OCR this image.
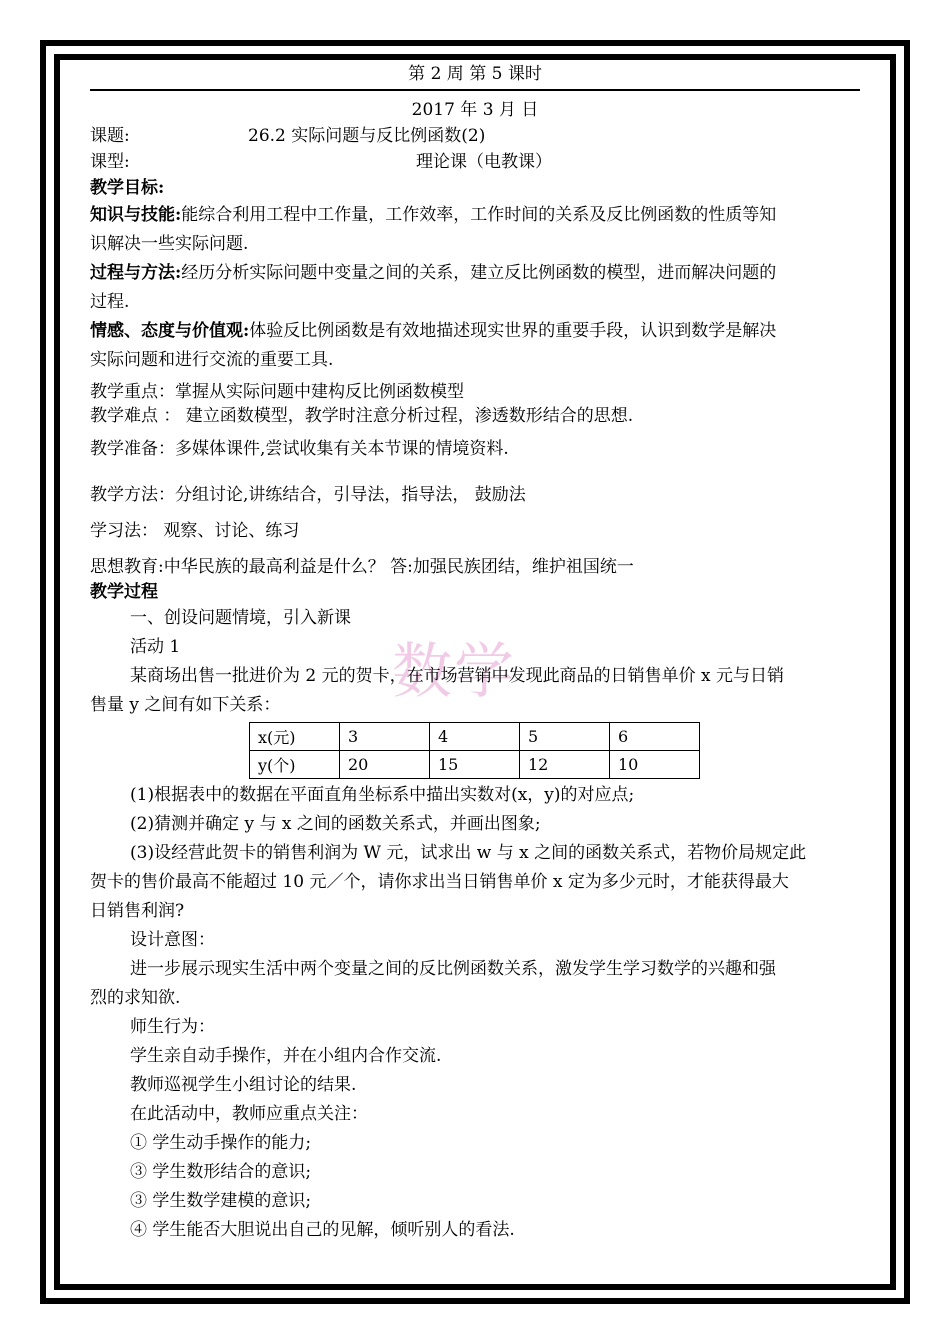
数学
第 2 周 第 5 课时
2017 年 3 月 日
课题:	26.2 实际问题与反比例函数(2)
课型:	理论课（电教课）
教学目标:
知识与技能:能综合利用工程中工作量，工作效率，工作时间的关系及反比例函数的性质等知
识解决一些实际问题.
过程与方法:经历分析实际问题中变量之间的关系，建立反比例函数的模型，进而解决问题的
过程.
情感、态度与价值观:体验反比例函数是有效地描述现实世界的重要手段，认识到数学是解决
实际问题和进行交流的重要工具.
教学重点：掌握从实际问题中建构反比例函数模型
教学难点 ： 建立函数模型，教学时注意分析过程，渗透数形结合的思想.
教学准备：多媒体课件,尝试收集有关本节课的情境资料.
教学方法：分组讨论,讲练结合，引导法，指导法， 鼓励法
学习法： 观察、讨论、练习
思想教育:中华民族的最高利益是什么？ 答:加强民族团结，维护祖国统一
教学过程
一、创设问题情境，引入新课
活动 1
某商场出售一批进价为 2 元的贺卡，在市场营销中发现此商品的日销售单价 x 元与日销
售量 y 之间有如下关系：
x(元)	3	4	5	6
y(个)	20	15	12	10
(1)根据表中的数据在平面直角坐标系中描出实数对(x，y)的对应点;
(2)猜测并确定 y 与 x 之间的函数关系式，并画出图象;
(3)设经营此贺卡的销售利润为 W 元，试求出 w 与 x 之间的函数关系式，若物价局规定此
贺卡的售价最高不能超过 10 元／个，请你求出当日销售单价 x 定为多少元时，才能获得最大
日销售利润?
设计意图：
进一步展示现实生活中两个变量之间的反比例函数关系，激发学生学习数学的兴趣和强
烈的求知欲.
师生行为：
学生亲自动手操作，并在小组内合作交流.
教师巡视学生小组讨论的结果.
在此活动中，教师应重点关注：
① 学生动手操作的能力;
③ 学生数形结合的意识;
③ 学生数学建模的意识;
④ 学生能否大胆说出自己的见解，倾听别人的看法.
